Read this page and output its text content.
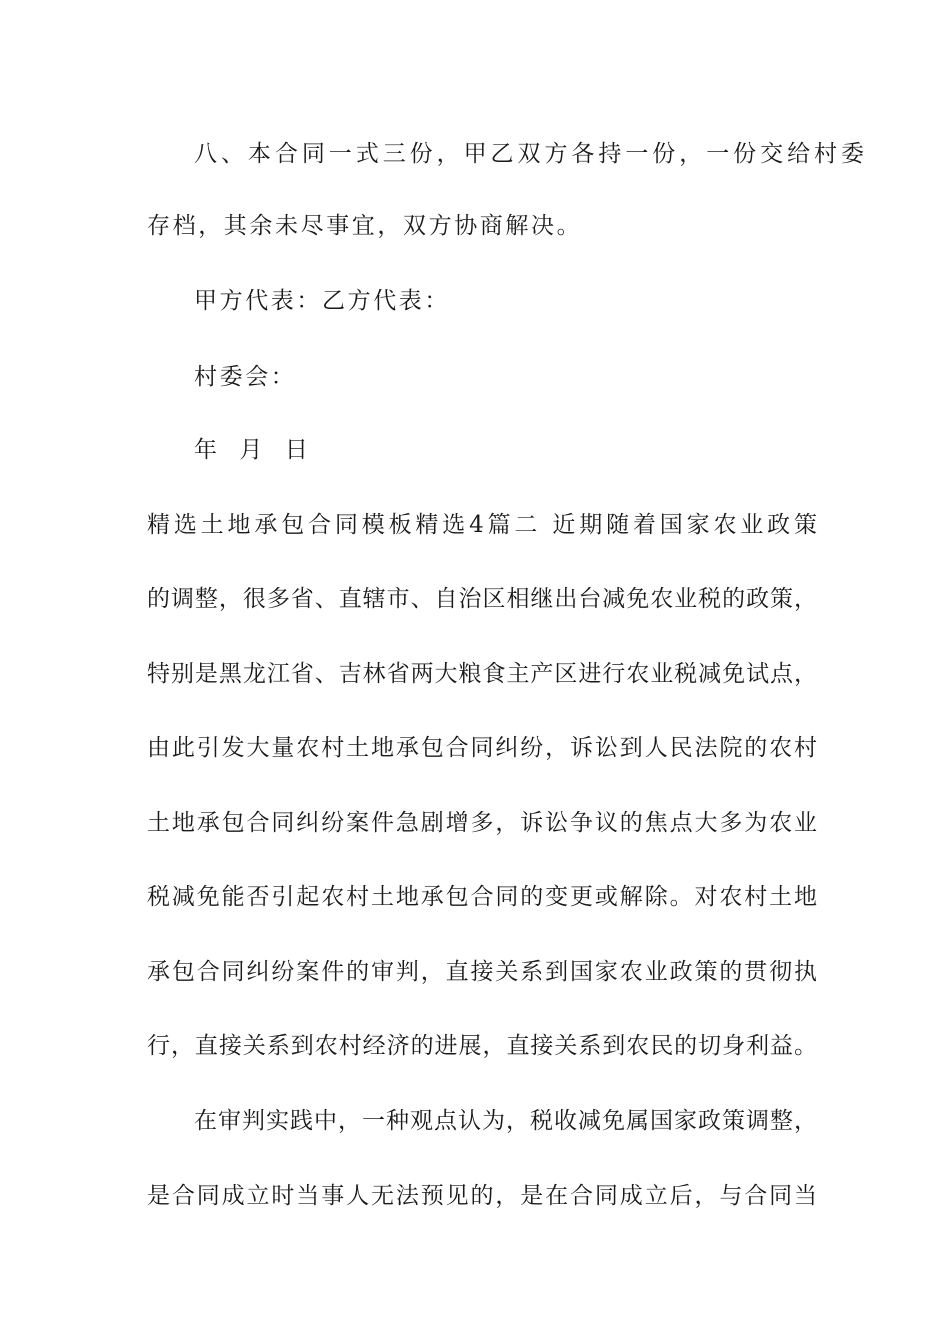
八、本合同一式三份，甲乙双方各持一份，一份交给村委
存档，其余未尽事宜，双方协商解决。
甲方代表：乙方代表：
村委会：
年  月  日
精选土地承包合同模板精选4篇二 近期随着国家农业政策
的调整，很多省、直辖市、自治区相继出台减免农业税的政策，
特别是黑龙江省、吉林省两大粮食主产区进行农业税减免试点，
由此引发大量农村土地承包合同纠纷，诉讼到人民法院的农村
土地承包合同纠纷案件急剧增多，诉讼争议的焦点大多为农业
税减免能否引起农村土地承包合同的变更或解除。对农村土地
承包合同纠纷案件的审判，直接关系到国家农业政策的贯彻执
行，直接关系到农村经济的进展，直接关系到农民的切身利益。
在审判实践中，一种观点认为，税收减免属国家政策调整，
是合同成立时当事人无法预见的，是在合同成立后，与合同当
